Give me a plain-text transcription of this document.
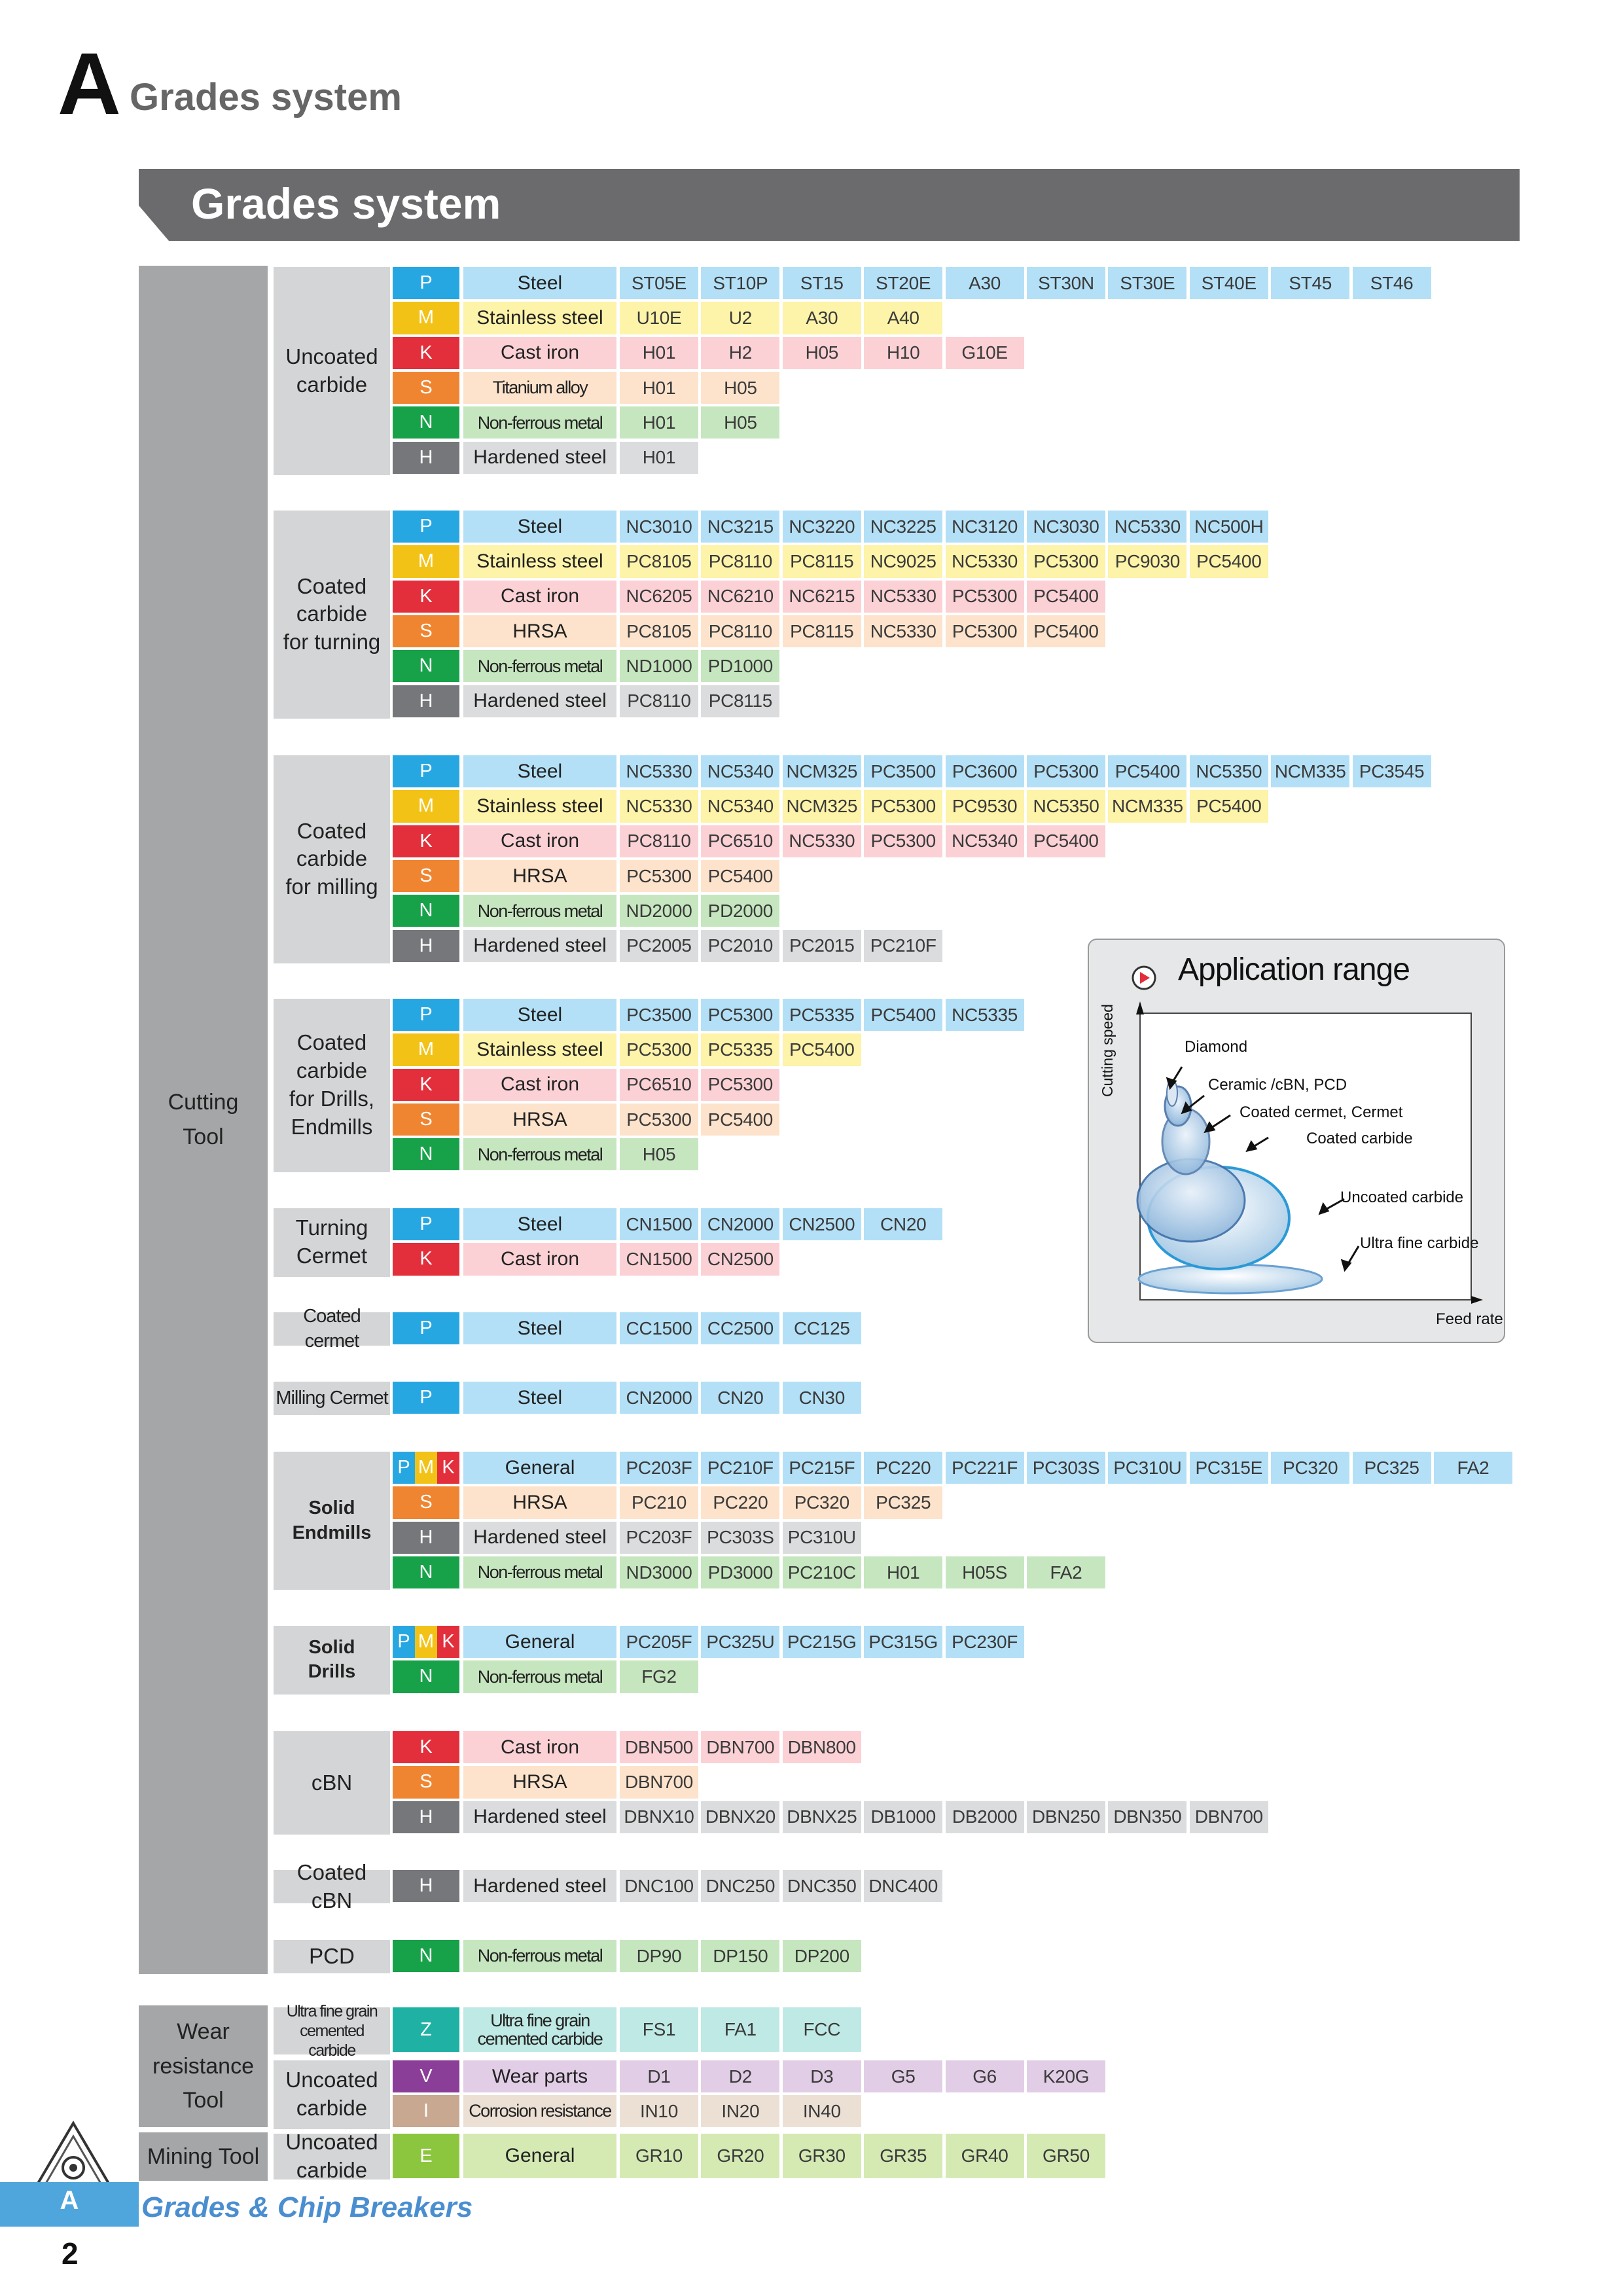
A Grades system
Grades system
Cutting
Tool
Wear
resistance
Tool
Mining Tool
Uncoated
carbide
P	Steel	ST05E	ST10P	ST15	ST20E	A30	ST30N	ST30E	ST40E	ST45	ST46
M	Stainless steel	U10E	U2	A30	A40
K	Cast iron	H01	H2	H05	H10	G10E
S	Titanium alloy	H01	H05
N	Non-ferrous metal	H01	H05
H	Hardened steel	H01
Coated
carbide
for turning
P	Steel	NC3010 NC3215 NC3220 NC3225 NC3120 NC3030 NC5330 NC500H
M	Stainless steel	PC8105 PC8110 PC8115 NC9025 NC5330 PC5300 PC9030 PC5400
K	Cast iron	NC6205 NC6210 NC6215 NC5330 PC5300 PC5400
S	HRSA	PC8105 PC8110 PC8115 NC5330 PC5300 PC5400
N	Non-ferrous metal	ND1000 PD1000
H	Hardened steel	PC8110 PC8115
Coated
carbide
for milling
P	Steel	NC5330 NC5340 NCM325 PC3500 PC3600 PC5300 PC5400 NC5350 NCM335 PC3545
M	Stainless steel	NC5330 NC5340 NCM325 PC5300 PC9530 NC5350 NCM335 PC5400
K	Cast iron	PC8110 PC6510 NC5330 PC5300 NC5340 PC5400
S	HRSA	PC5300 PC5400
N	Non-ferrous metal	ND2000 PD2000
H	Hardened steel	PC2005 PC2010 PC2015 PC210F
Coated
carbide
for Drills,
Endmills
P	Steel	PC3500 PC5300 PC5335 PC5400 NC5335
M	Stainless steel	PC5300 PC5335 PC5400
K	Cast iron	PC6510 PC5300
S	HRSA	PC5300 PC5400
N	Non-ferrous metal	H05
Turning
Cermet
P	Steel	CN1500 CN2000 CN2500	CN20
K	Cast iron	CN1500 CN2500
Coated cermet
P	Steel	CC1500 CC2500	CC125
Milling Cermet	P	Steel	CN2000	CN20	CN30
Solid
Endmills
P M K	General	PC203F PC210F PC215F	PC220	PC221F PC303S PC310U PC315E	PC320	PC325	FA2
S	HRSA	PC210	PC220	PC320	PC325
H	Hardened steel	PC203F PC303S PC310U
N	Non-ferrous metal	ND3000 PD3000 PC210C	H01	H05S	FA2
Solid
Drills
P M K	General	PC205F PC325U PC215G PC315G PC230F
N	Non-ferrous metal	FG2
cBN
K	Cast iron	DBN500 DBN700 DBN800
S	HRSA	DBN700
H	Hardened steel DBNX10 DBNX20 DBNX25 DB1000 DB2000 DBN250 DBN350 DBN700
Coated cBN
H	Hardened steel DNC100 DNC250 DNC350 DNC400
PCD	N	Non-ferrous metal	DP90	DP150	DP200
Ultra fine grain
cemented carbide
Z	Ultra fine grain
cemented carbide	FS1	FA1	FCC
Uncoated
carbide
V	Wear parts	D1	D2	D3	G5	G6	K20G
I	Corrosion resistance	IN10	IN20	IN40
Uncoated
carbide
E	General	GR10	GR20	GR30	GR35	GR40	GR50
Application range
Cutting speed
Feed rate
Diamond
Ceramic /cBN, PCD
Coated cermet, Cermet
Coated carbide
Uncoated carbide
Ultra fine carbide
A	Grades & Chip Breakers
2
